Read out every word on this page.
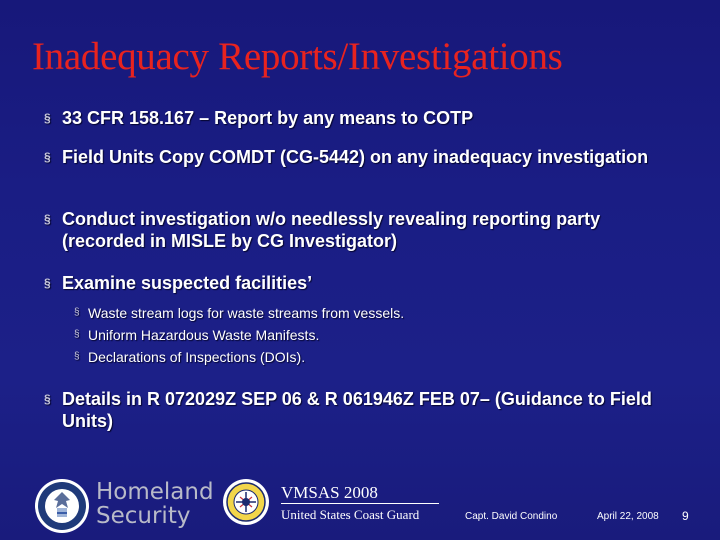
Inadequacy Reports/Investigations
§ 33 CFR 158.167 – Report by any means to COTP
§ Field Units Copy COMDT (CG-5442) on any inadequacy investigation
§ Conduct investigation w/o needlessly revealing reporting party (recorded in MISLE by CG Investigator)
§ Examine suspected facilities’
§ Waste stream logs for waste streams from vessels.
§ Uniform Hazardous Waste Manifests.
§ Declarations of Inspections (DOIs).
§ Details in R 072029Z SEP 06 & R 061946Z FEB 07– (Guidance to Field Units)
Homeland
Security
VMSAS 2008
United States Coast Guard	Capt. David Condino	April 22, 2008 9
